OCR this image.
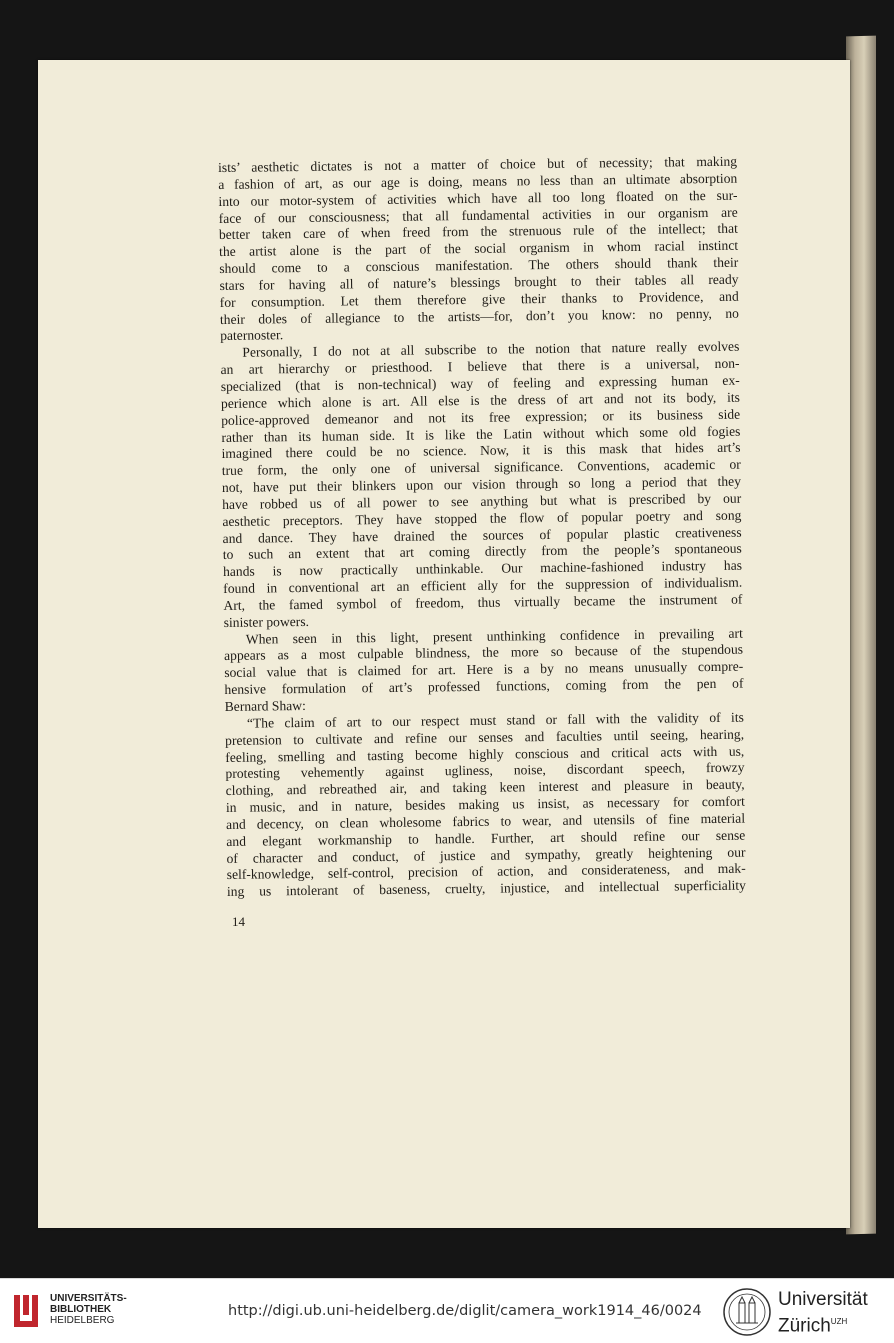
ists’ aesthetic dictates is not a matter of choice but of necessity; that making
a fashion of art, as our age is doing, means no less than an ultimate absorption
into our motor-system of activities which have all too long floated on the sur-
face of our consciousness; that all fundamental activities in our organism are
better taken care of when freed from the strenuous rule of the intellect; that
the artist alone is the part of the social organism in whom racial instinct
should come to a conscious manifestation. The others should thank their
stars for having all of nature’s blessings brought to their tables all ready
for consumption. Let them therefore give their thanks to Providence, and
their doles of allegiance to the artists—for, don’t you know: no penny, no
paternoster.
Personally, I do not at all subscribe to the notion that nature really evolves
an art hierarchy or priesthood. I believe that there is a universal, non-
specialized (that is non-technical) way of feeling and expressing human ex-
perience which alone is art. All else is the dress of art and not its body, its
police-approved demeanor and not its free expression; or its business side
rather than its human side. It is like the Latin without which some old fogies
imagined there could be no science. Now, it is this mask that hides art’s
true form, the only one of universal significance. Conventions, academic or
not, have put their blinkers upon our vision through so long a period that they
have robbed us of all power to see anything but what is prescribed by our
aesthetic preceptors. They have stopped the flow of popular poetry and song
and dance. They have drained the sources of popular plastic creativeness
to such an extent that art coming directly from the people’s spontaneous
hands is now practically unthinkable. Our machine-fashioned industry has
found in conventional art an efficient ally for the suppression of individualism.
Art, the famed symbol of freedom, thus virtually became the instrument of
sinister powers.
When seen in this light, present unthinking confidence in prevailing art
appears as a most culpable blindness, the more so because of the stupendous
social value that is claimed for art. Here is a by no means unusually compre-
hensive formulation of art’s professed functions, coming from the pen of
Bernard Shaw:
“The claim of art to our respect must stand or fall with the validity of its
pretension to cultivate and refine our senses and faculties until seeing, hearing,
feeling, smelling and tasting become highly conscious and critical acts with us,
protesting vehemently against ugliness, noise, discordant speech, frowzy
clothing, and rebreathed air, and taking keen interest and pleasure in beauty,
in music, and in nature, besides making us insist, as necessary for comfort
and decency, on clean wholesome fabrics to wear, and utensils of fine material
and elegant workmanship to handle. Further, art should refine our sense
of character and conduct, of justice and sympathy, greatly heightening our
self-knowledge, self-control, precision of action, and considerateness, and mak-
ing us intolerant of baseness, cruelty, injustice, and intellectual superficiality
14
UNIVERSITÄTS-
BIBLIOTHEK
HEIDELBERG
http://digi.ub.uni-heidelberg.de/diglit/camera_work1914_46/0024
Universität
Zürich$^{UZH}$
